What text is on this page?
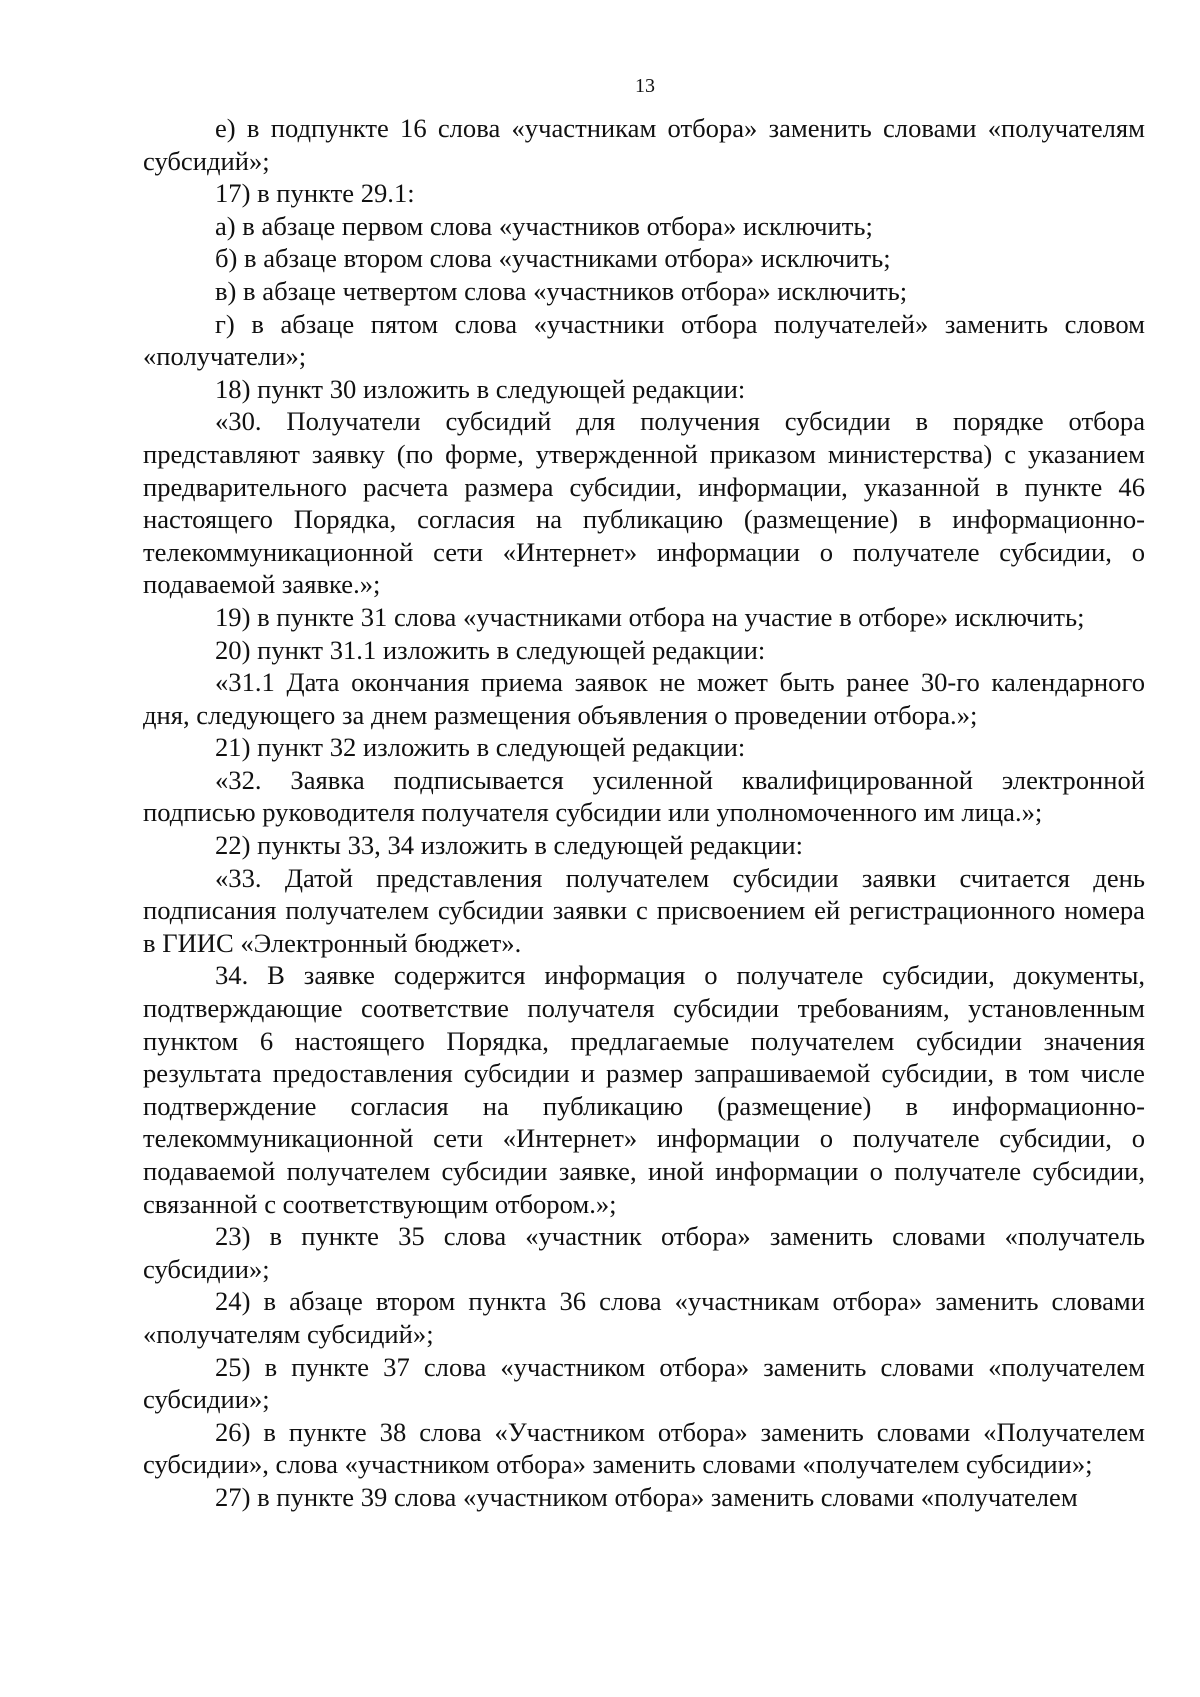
13

е) в подпункте 16 слова «участникам отбора» заменить словами «получателям субсидий»;

17) в пункте 29.1:

а) в абзаце первом слова «участников отбора» исключить;

б) в абзаце втором слова «участниками отбора» исключить;

в) в абзаце четвертом слова «участников отбора» исключить;

г) в абзаце пятом слова «участники отбора получателей» заменить словом «получатели»;

18) пункт 30 изложить в следующей редакции:

«30. Получатели субсидий для получения субсидии в порядке отбора представляют заявку (по форме, утвержденной приказом министерства) с указанием предварительного расчета размера субсидии, информации, указанной в пункте 46 настоящего Порядка, согласия на публикацию (размещение) в информационно-телекоммуникационной сети «Интернет» информации о получателе субсидии, о подаваемой заявке.»;

19) в пункте 31 слова «участниками отбора на участие в отборе» исключить;

20) пункт 31.1 изложить в следующей редакции:

«31.1 Дата окончания приема заявок не может быть ранее 30-го календарного дня, следующего за днем размещения объявления о проведении отбора.»;

21) пункт 32 изложить в следующей редакции:

«32. Заявка подписывается усиленной квалифицированной электронной подписью руководителя получателя субсидии или уполномоченного им лица.»;

22) пункты 33, 34 изложить в следующей редакции:

«33. Датой представления получателем субсидии заявки считается день подписания получателем субсидии заявки с присвоением ей регистрационного номера в ГИИС «Электронный бюджет».

34. В заявке содержится информация о получателе субсидии, документы, подтверждающие соответствие получателя субсидии требованиям, установленным пунктом 6 настоящего Порядка, предлагаемые получателем субсидии значения результата предоставления субсидии и размер запрашиваемой субсидии, в том числе подтверждение согласия на публикацию (размещение) в информационно-телекоммуникационной сети «Интернет» информации о получателе субсидии, о подаваемой получателем субсидии заявке, иной информации о получателе субсидии, связанной с соответствующим отбором.»;

23) в пункте 35 слова «участник отбора» заменить словами «получатель субсидии»;

24) в абзаце втором пункта 36 слова «участникам отбора» заменить словами «получателям субсидий»;

25) в пункте 37 слова «участником отбора» заменить словами «получателем субсидии»;

26) в пункте 38 слова «Участником отбора» заменить словами «Получателем субсидии», слова «участником отбора» заменить словами «получателем субсидии»;

27) в пункте 39 слова «участником отбора» заменить словами «получателем
